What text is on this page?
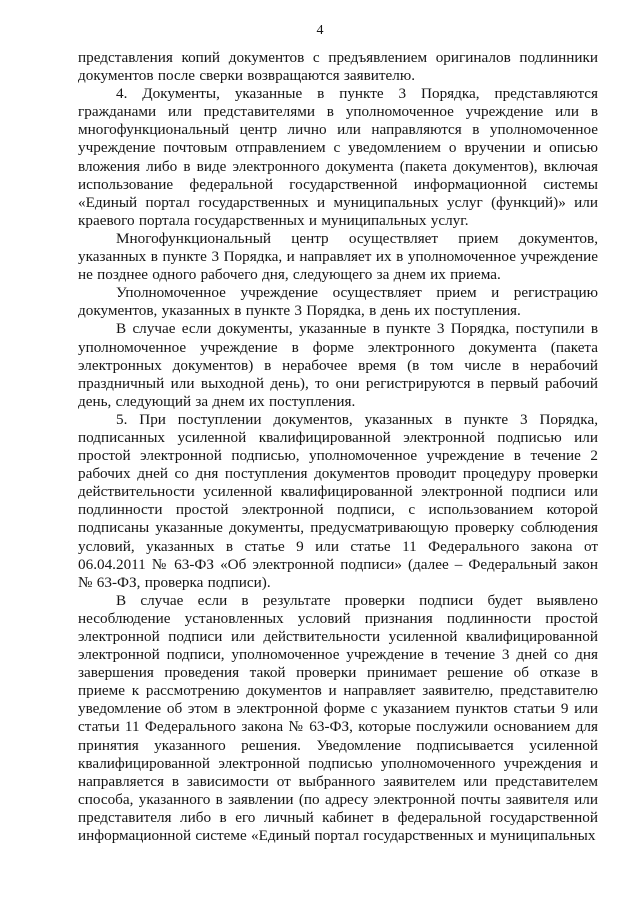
4

представления копий документов с предъявлением оригиналов подлинники документов после сверки возвращаются заявителю.

4. Документы, указанные в пункте 3 Порядка, представляются гражданами или представителями в уполномоченное учреждение или в многофункциональный центр лично или направляются в уполномоченное учреждение почтовым отправлением с уведомлением о вручении и описью вложения либо в виде электронного документа (пакета документов), включая использование федеральной государственной информационной системы «Единый портал государственных и муниципальных услуг (функций)» или краевого портала государственных и муниципальных услуг.

Многофункциональный центр осуществляет прием документов, указанных в пункте 3 Порядка, и направляет их в уполномоченное учреждение не позднее одного рабочего дня, следующего за днем их приема.

Уполномоченное учреждение осуществляет прием и регистрацию документов, указанных в пункте 3 Порядка, в день их поступления.

В случае если документы, указанные в пункте 3 Порядка, поступили в уполномоченное учреждение в форме электронного документа (пакета электронных документов) в нерабочее время (в том числе в нерабочий праздничный или выходной день), то они регистрируются в первый рабочий день, следующий за днем их поступления.

5. При поступлении документов, указанных в пункте 3 Порядка, подписанных усиленной квалифицированной электронной подписью или простой электронной подписью, уполномоченное учреждение в течение 2 рабочих дней со дня поступления документов проводит процедуру проверки действительности усиленной квалифицированной электронной подписи или подлинности простой электронной подписи, с использованием которой подписаны указанные документы, предусматривающую проверку соблюдения условий, указанных в статье 9 или статье 11 Федерального закона от 06.04.2011 № 63-ФЗ «Об электронной подписи» (далее – Федеральный закон № 63-ФЗ, проверка подписи).

В случае если в результате проверки подписи будет выявлено несоблюдение установленных условий признания подлинности простой электронной подписи или действительности усиленной квалифицированной электронной подписи, уполномоченное учреждение в течение 3 дней со дня завершения проведения такой проверки принимает решение об отказе в приеме к рассмотрению документов и направляет заявителю, представителю уведомление об этом в электронной форме с указанием пунктов статьи 9 или статьи 11 Федерального закона № 63-ФЗ, которые послужили основанием для принятия указанного решения. Уведомление подписывается усиленной квалифицированной электронной подписью уполномоченного учреждения и направляется в зависимости от выбранного заявителем или представителем способа, указанного в заявлении (по адресу электронной почты заявителя или представителя либо в его личный кабинет в федеральной государственной информационной системе «Единый портал государственных и муниципальных
